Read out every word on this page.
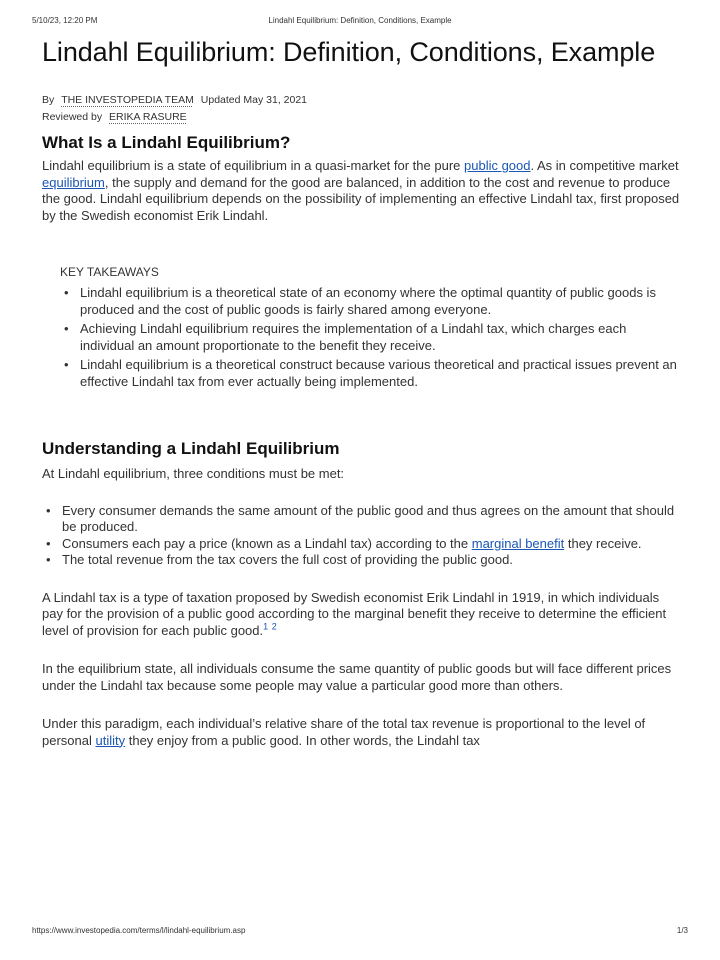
5/10/23, 12:20 PM	Lindahl Equilibrium: Definition, Conditions, Example
Lindahl Equilibrium: Definition, Conditions, Example
By THE INVESTOPEDIA TEAM Updated May 31, 2021
Reviewed by ERIKA RASURE
What Is a Lindahl Equilibrium?

Lindahl equilibrium is a state of equilibrium in a quasi-market for the pure public good. As in competitive market equilibrium, the supply and demand for the good are balanced, in addition to the cost and revenue to produce the good. Lindahl equilibrium depends on the possibility of implementing an effective Lindahl tax, first proposed by the Swedish economist Erik Lindahl.

KEY TAKEAWAYS
• Lindahl equilibrium is a theoretical state of an economy where the optimal quantity of public goods is produced and the cost of public goods is fairly shared among everyone.
• Achieving Lindahl equilibrium requires the implementation of a Lindahl tax, which charges each individual an amount proportionate to the benefit they receive.
• Lindahl equilibrium is a theoretical construct because various theoretical and practical issues prevent an effective Lindahl tax from ever actually being implemented.
Understanding a Lindahl Equilibrium

At Lindahl equilibrium, three conditions must be met:

• Every consumer demands the same amount of the public good and thus agrees on the amount that should be produced.
• Consumers each pay a price (known as a Lindahl tax) according to the marginal benefit they receive.
• The total revenue from the tax covers the full cost of providing the public good.

A Lindahl tax is a type of taxation proposed by Swedish economist Erik Lindahl in 1919, in which individuals pay for the provision of a public good according to the marginal benefit they receive to determine the efficient level of provision for each public good.$^1$ $^2$

In the equilibrium state, all individuals consume the same quantity of public goods but will face different prices under the Lindahl tax because some people may value a particular good more than others.

Under this paradigm, each individual’s relative share of the total tax revenue is proportional to the level of personal utility they enjoy from a public good. In other words, the Lindahl tax

https://www.investopedia.com/terms/l/lindahl-equilibrium.asp	1/3
